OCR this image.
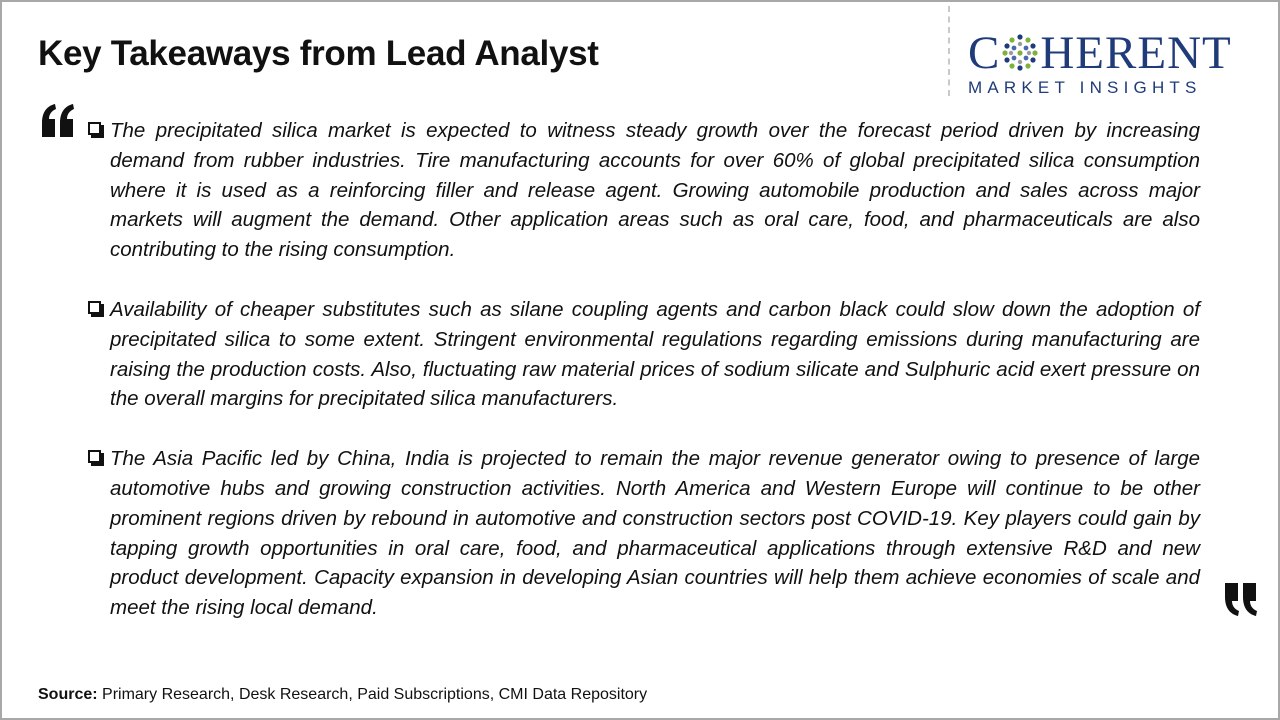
Key Takeaways from Lead Analyst	C HERENT
MARKET INSIGHTS
The precipitated silica market is expected to witness steady growth over the forecast period driven by increasing demand from rubber industries. Tire manufacturing accounts for over 60% of global precipitated silica consumption where it is used as a reinforcing filler and release agent. Growing automobile production and sales across major markets will augment the demand. Other application areas such as oral care, food, and pharmaceuticals are also contributing to the rising consumption.
Availability of cheaper substitutes such as silane coupling agents and carbon black could slow down the adoption of precipitated silica to some extent. Stringent environmental regulations regarding emissions during manufacturing are raising the production costs. Also, fluctuating raw material prices of sodium silicate and Sulphuric acid exert pressure on the overall margins for precipitated silica manufacturers.
The Asia Pacific led by China, India is projected to remain the major revenue generator owing to presence of large automotive hubs and growing construction activities. North America and Western Europe will continue to be other prominent regions driven by rebound in automotive and construction sectors post COVID-19. Key players could gain by tapping growth opportunities in oral care, food, and pharmaceutical applications through extensive R&D and new product development. Capacity expansion in developing Asian countries will help them achieve economies of scale and meet the rising local demand.
Source: Primary Research, Desk Research, Paid Subscriptions, CMI Data Repository
